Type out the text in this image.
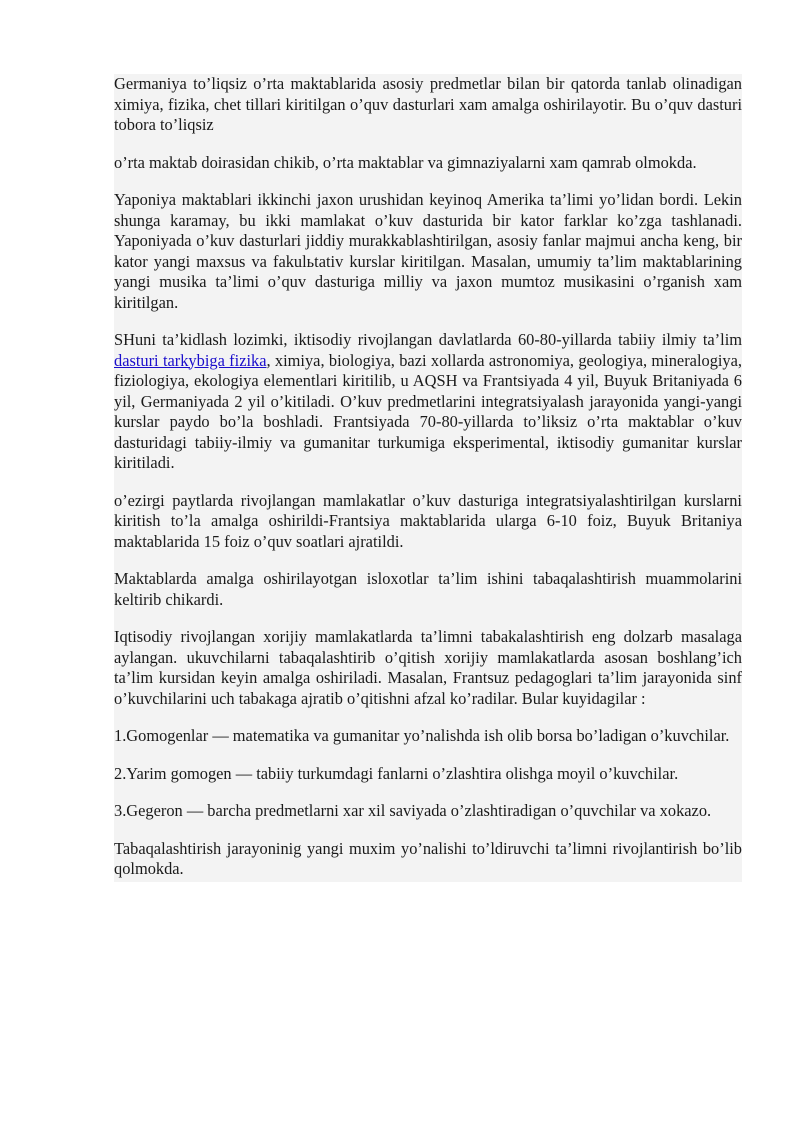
Germaniya to’liqsiz o’rta maktablarida asosiy predmetlar bilan bir qatorda tanlab olinadigan ximiya, fizika, chet tillari kiritilgan o’quv dasturlari xam amalga oshirilayotir. Bu o’quv dasturi tobora to’liqsiz

o’rta maktab doirasidan chikib, o’rta maktablar va gimnaziyalarni xam qamrab olmokda.

Yaponiya maktablari ikkinchi jaxon urushidan keyinoq Amerika ta’limi yo’lidan bordi. Lekin shunga karamay, bu ikki mamlakat o’kuv dasturida bir kator farklar ko’zga tashlanadi. Yaponiyada o’kuv dasturlari jiddiy murakkablashtirilgan, asosiy fanlar majmui ancha keng, bir kator yangi maxsus va fakulьtativ kurslar kiritilgan. Masalan, umumiy ta’lim maktablarining yangi musika ta’limi o’quv dasturiga milliy va jaxon mumtoz musikasini o’rganish xam kiritilgan.

SHuni ta’kidlash lozimki, iktisodiy rivojlangan davlatlarda 60-80-yillarda tabiiy ilmiy ta’lim dasturi tarkybiga fizika, ximiya, biologiya, bazi xollarda astronomiya, geologiya, mineralogiya, fiziologiya, ekologiya elementlari kiritilib, u AQSH va Frantsiyada 4 yil, Buyuk Britaniyada 6 yil, Germaniyada 2 yil o’kitiladi. O’kuv predmetlarini integratsiyalash jarayonida yangi-yangi kurslar paydo bo’la boshladi. Frantsiyada 70-80-yillarda to’liksiz o’rta maktablar o’kuv dasturidagi tabiiy-ilmiy va gumanitar turkumiga eksperimental, iktisodiy gumanitar kurslar kiritiladi.

o’ezirgi paytlarda rivojlangan mamlakatlar o’kuv dasturiga integratsiyalashtirilgan kurslarni kiritish to’la amalga oshirildi-Frantsiya maktablarida ularga 6-10 foiz, Buyuk Britaniya maktablarida 15 foiz o’quv soatlari ajratildi.

Maktablarda amalga oshirilayotgan isloxotlar ta’lim ishini tabaqalashtirish muammolarini keltirib chikardi.

Iqtisodiy rivojlangan xorijiy mamlakatlarda ta’limni tabakalashtirish eng dolzarb masalaga aylangan. ukuvchilarni tabaqalashtirib o’qitish xorijiy mamlakatlarda asosan boshlang’ich ta’lim kursidan keyin amalga oshiriladi. Masalan, Frantsuz pedagoglari ta’lim jarayonida sinf o’kuvchilarini uch tabakaga ajratib o’qitishni afzal ko’radilar. Bular kuyidagilar :

1.Gomogenlar — matematika va gumanitar yo’nalishda ish olib borsa bo’ladigan o’kuvchilar.

2.Yarim gomogen — tabiiy turkumdagi fanlarni o’zlashtira olishga moyil o’kuvchilar.

3.Gegeron — barcha predmetlarni xar xil saviyada o’zlashtiradigan o’quvchilar va xokazo.

Tabaqalashtirish jarayoninig yangi muxim yo’nalishi to’ldiruvchi ta’limni rivojlantirish bo’lib qolmokda.
